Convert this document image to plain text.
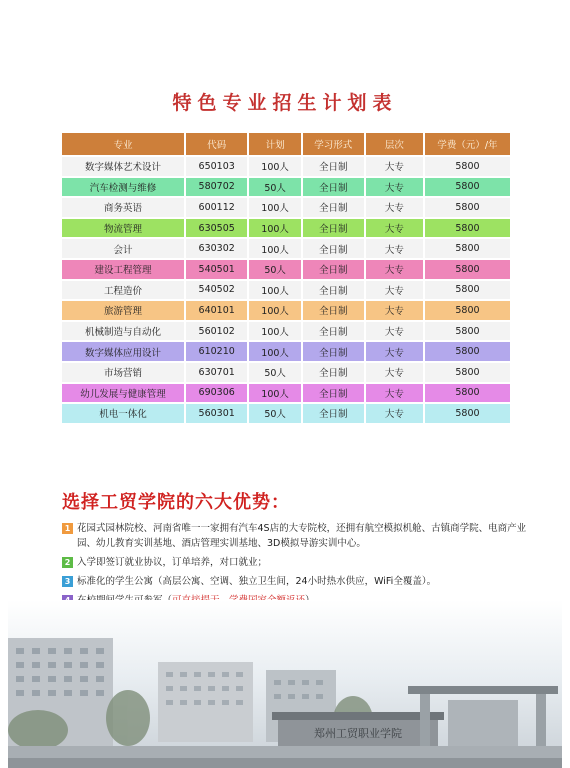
特色专业招生计划表
专业	代码	计划	学习形式	层次	学费（元）/年
数字媒体艺术设计	650103	100人	全日制	大专	5800
汽车检测与维修	580702	50人	全日制	大专	5800
商务英语	600112	100人	全日制	大专	5800
物流管理	630505	100人	全日制	大专	5800
会计	630302	100人	全日制	大专	5800
建设工程管理	540501	50人	全日制	大专	5800
工程造价	540502	100人	全日制	大专	5800
旅游管理	640101	100人	全日制	大专	5800
机械制造与自动化	560102	100人	全日制	大专	5800
数字媒体应用设计	610210	100人	全日制	大专	5800
市场营销	630701	50人	全日制	大专	5800
幼儿发展与健康管理	690306	100人	全日制	大专	5800
机电一体化	560301	50人	全日制	大专	5800
选择工贸学院的六大优势：
1 花园式园林院校、河南省唯一一家拥有汽车4S店的大专院校，还拥有航空模拟机舱、古镇商学院、电商产业园、幼儿教育实训基地、酒店管理实训基地、3D模拟导游实训中心。
2 入学即签订就业协议，订单培养，对口就业；
3 标准化的学生公寓（高层公寓、空调、独立卫生间，24小时热水供应，WiFi全覆盖）。
郑州工贸职业学院
